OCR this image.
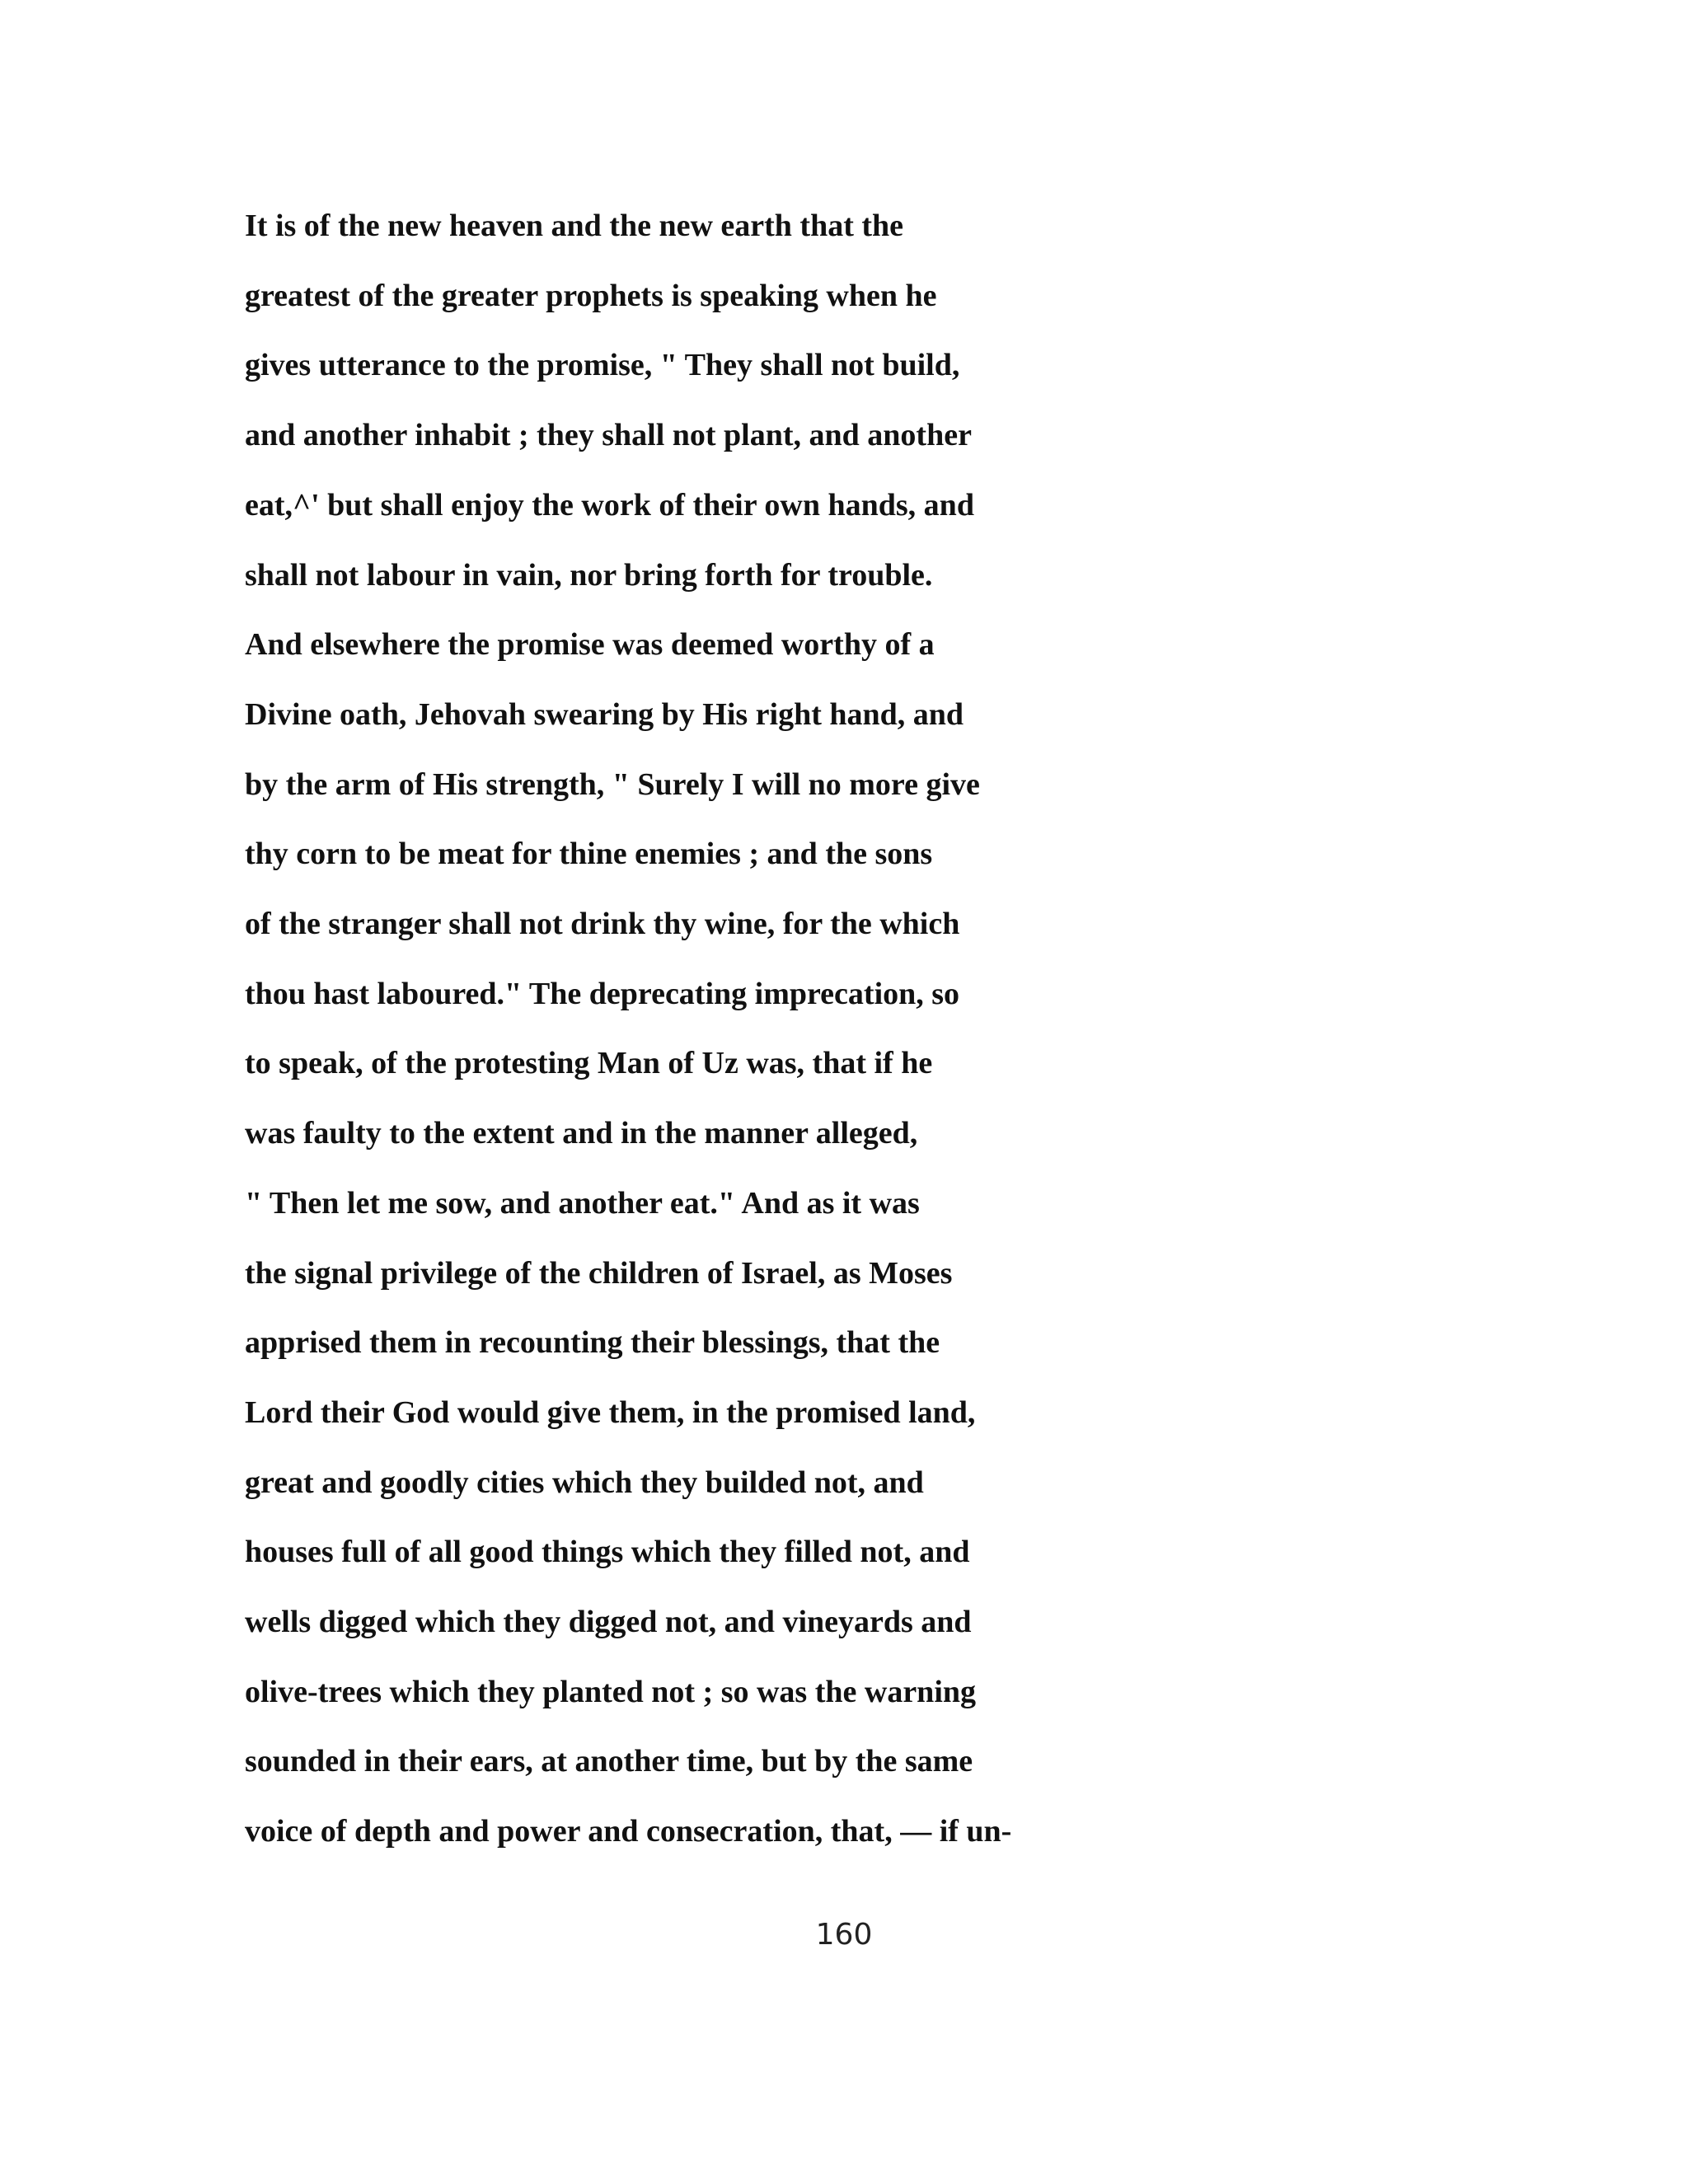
It is of the new heaven and the new earth that the
greatest of the greater prophets is speaking when he
gives utterance to the promise, " They shall not build,
and another inhabit ; they shall not plant, and another
eat,^' but shall enjoy the work of their own hands, and
shall not labour in vain, nor bring forth for trouble.
And elsewhere the promise was deemed worthy of a
Divine oath, Jehovah swearing by His right hand, and
by the arm of His strength, " Surely I will no more give
thy corn to be meat for thine enemies ; and the sons
of the stranger shall not drink thy wine, for the which
thou hast laboured." The deprecating imprecation, so
to speak, of the protesting Man of Uz was, that if he
was faulty to the extent and in the manner alleged,
" Then let me sow, and another eat." And as it was
the signal privilege of the children of Israel, as Moses
apprised them in recounting their blessings, that the
Lord their God would give them, in the promised land,
great and goodly cities which they builded not, and
houses full of all good things which they filled not, and
wells digged which they digged not, and vineyards and
olive-trees which they planted not ; so was the warning
sounded in their ears, at another time, but by the same
voice of depth and power and consecration, that, — if un-
160
